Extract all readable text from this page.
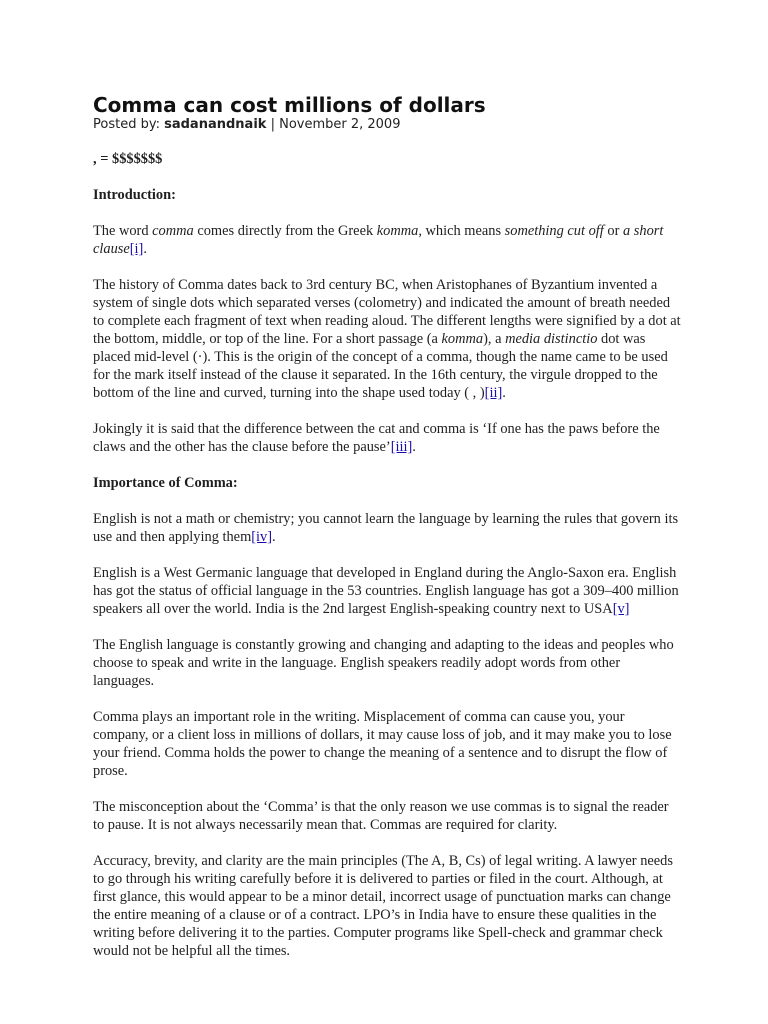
Comma can cost millions of dollars
Posted by: sadanandnaik | November 2, 2009

, = $$$$$$$

Introduction:

The word comma comes directly from the Greek komma, which means something cut off or a short clause[i].

The history of Comma dates back to 3rd century BC, when Aristophanes of Byzantium invented a system of single dots which separated verses (colometry) and indicated the amount of breath needed to complete each fragment of text when reading aloud. The different lengths were signified by a dot at the bottom, middle, or top of the line. For a short passage (a komma), a media distinctio dot was placed mid-level (·). This is the origin of the concept of a comma, though the name came to be used for the mark itself instead of the clause it separated. In the 16th century, the virgule dropped to the bottom of the line and curved, turning into the shape used today ( , )[ii].

Jokingly it is said that the difference between the cat and comma is ‘If one has the paws before the claws and the other has the clause before the pause’[iii].

Importance of Comma:

English is not a math or chemistry; you cannot learn the language by learning the rules that govern its use and then applying them[iv].

English is a West Germanic language that developed in England during the Anglo-Saxon era. English has got the status of official language in the 53 countries. English language has got a 309–400 million speakers all over the world. India is the 2nd largest English-speaking country next to USA[v]

The English language is constantly growing and changing and adapting to the ideas and peoples who choose to speak and write in the language. English speakers readily adopt words from other languages.

Comma plays an important role in the writing. Misplacement of comma can cause you, your company, or a client loss in millions of dollars, it may cause loss of job, and it may make you to lose your friend. Comma holds the power to change the meaning of a sentence and to disrupt the flow of prose.

The misconception about the ‘Comma’ is that the only reason we use commas is to signal the reader to pause. It is not always necessarily mean that. Commas are required for clarity.

Accuracy, brevity, and clarity are the main principles (The A, B, Cs) of legal writing. A lawyer needs to go through his writing carefully before it is delivered to parties or filed in the court. Although, at first glance, this would appear to be a minor detail, incorrect usage of punctuation marks can change the entire meaning of a clause or of a contract. LPO’s in India have to ensure these qualities in the writing before delivering it to the parties. Computer programs like Spell-check and grammar check would not be helpful all the times.
